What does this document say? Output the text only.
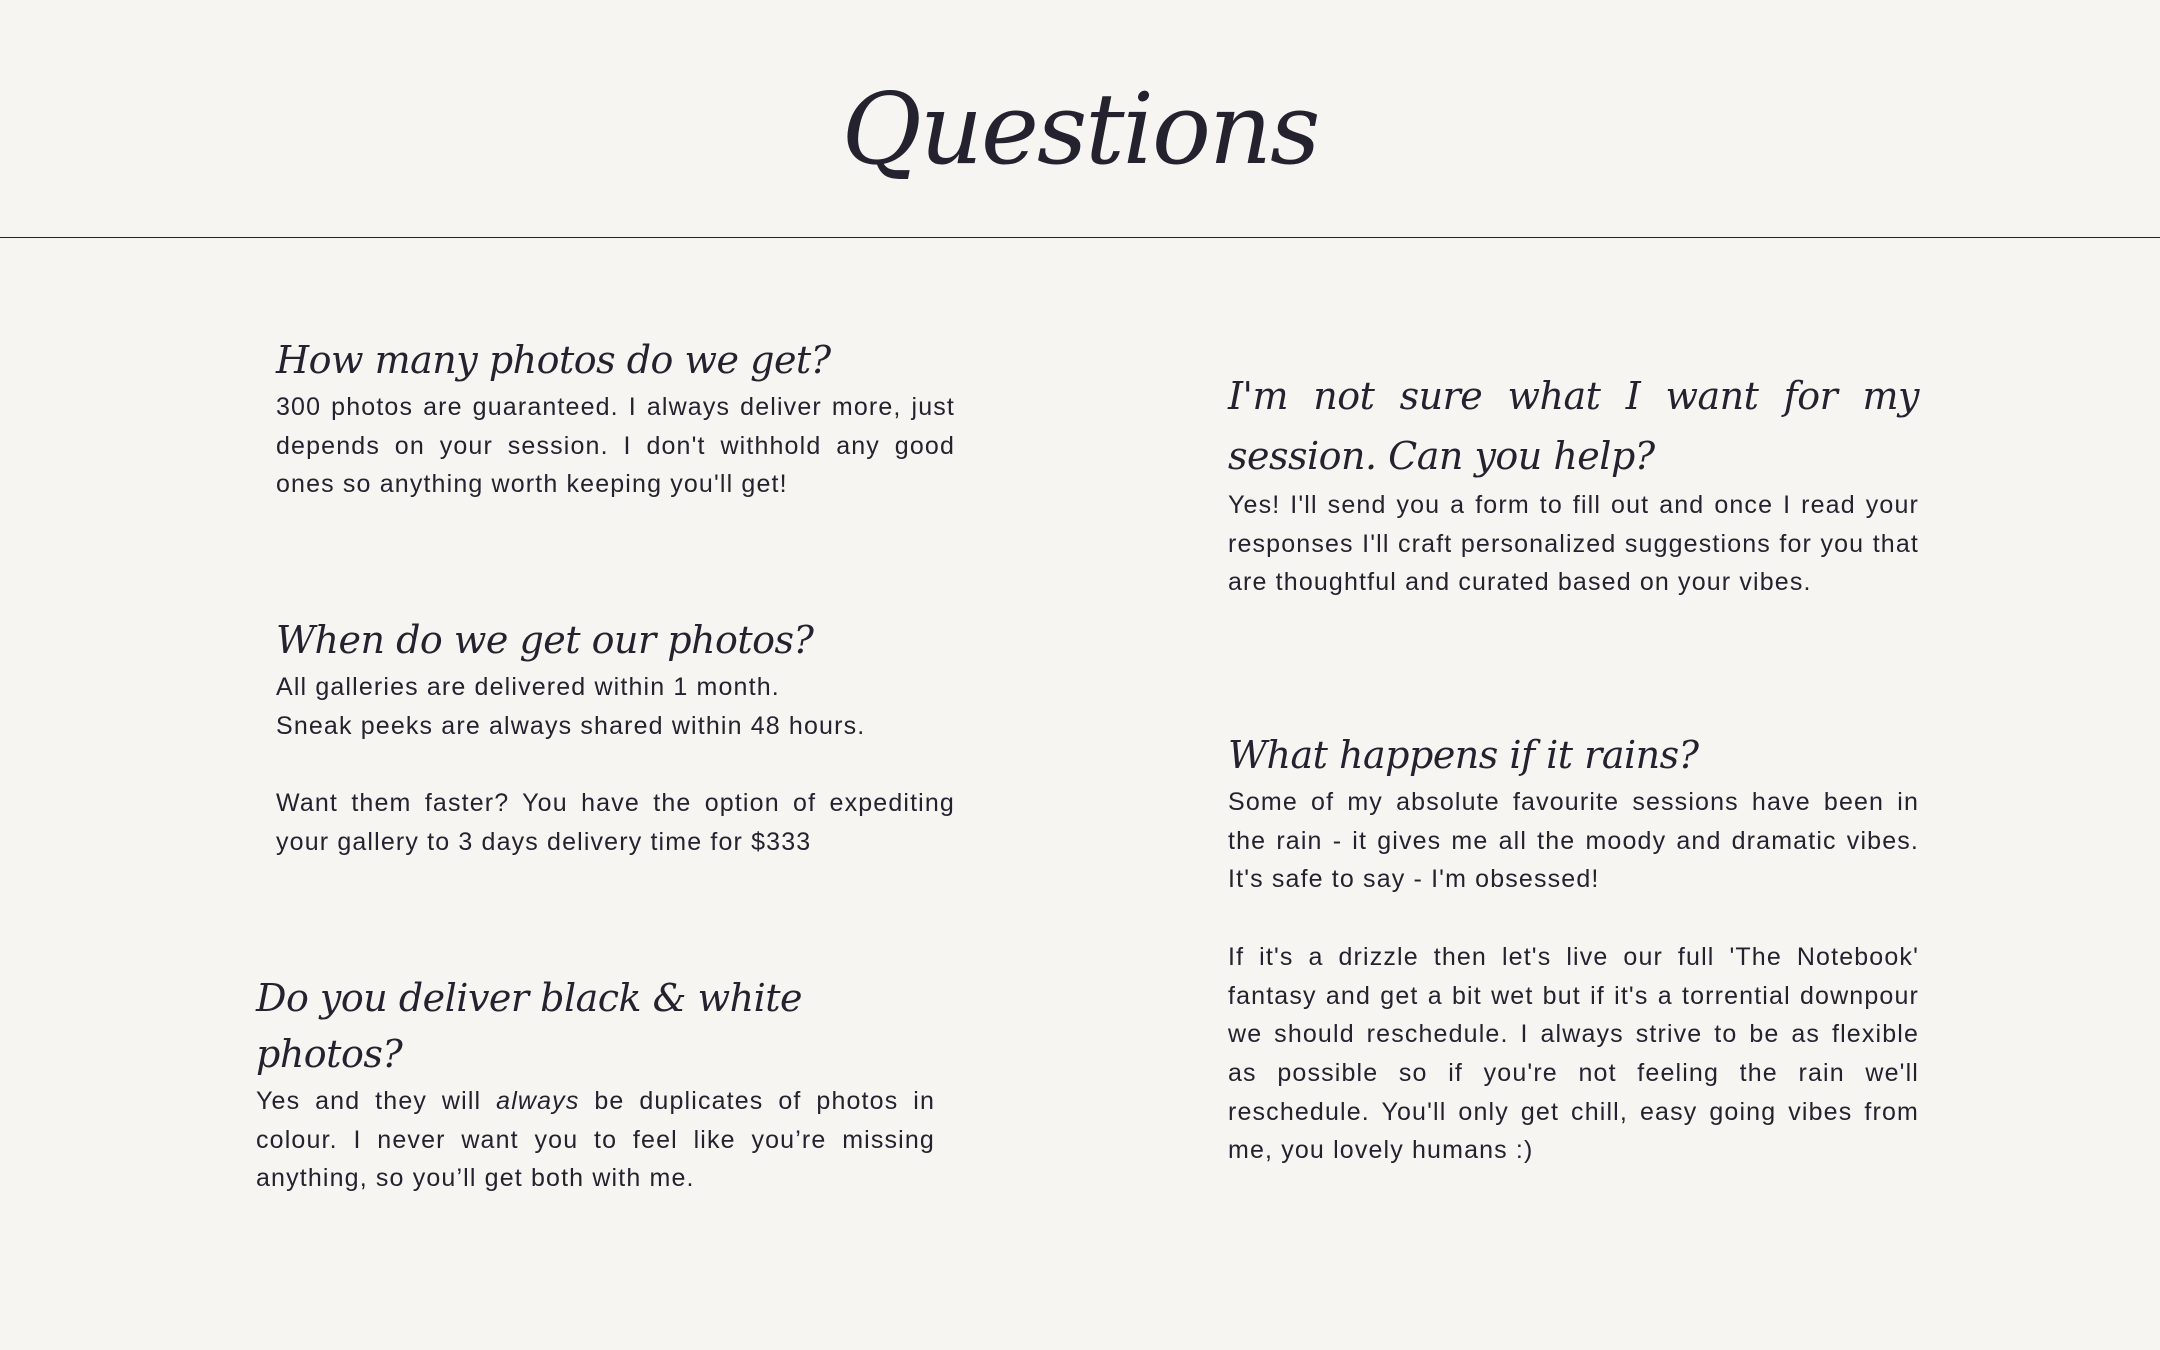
Questions
How many photos do we get?

300 photos are guaranteed. I always deliver more, just depends on your session. I don't withhold any good ones so anything worth keeping you'll get!

When do we get our photos?

All galleries are delivered within 1 month.

Sneak peeks are always shared within 48 hours.

Want them faster? You have the option of expediting your gallery to 3 days delivery time for $333

Do you deliver black & white photos?

Yes and they will always be duplicates of photos in colour. I never want you to feel like you’re missing anything, so you’ll get both with me.

I'm not sure what I want for my session. Can you help?

Yes! I'll send you a form to fill out and once I read your responses I'll craft personalized suggestions for you that are thoughtful and curated based on your vibes.

What happens if it rains?

Some of my absolute favourite sessions have been in the rain - it gives me all the moody and dramatic vibes. It's safe to say - I'm obsessed!

If it's a drizzle then let's live our full 'The Notebook' fantasy and get a bit wet but if it's a torrential downpour we should reschedule. I always strive to be as flexible as possible so if you're not feeling the rain we'll reschedule. You'll only get chill, easy going vibes from me, you lovely humans :)
